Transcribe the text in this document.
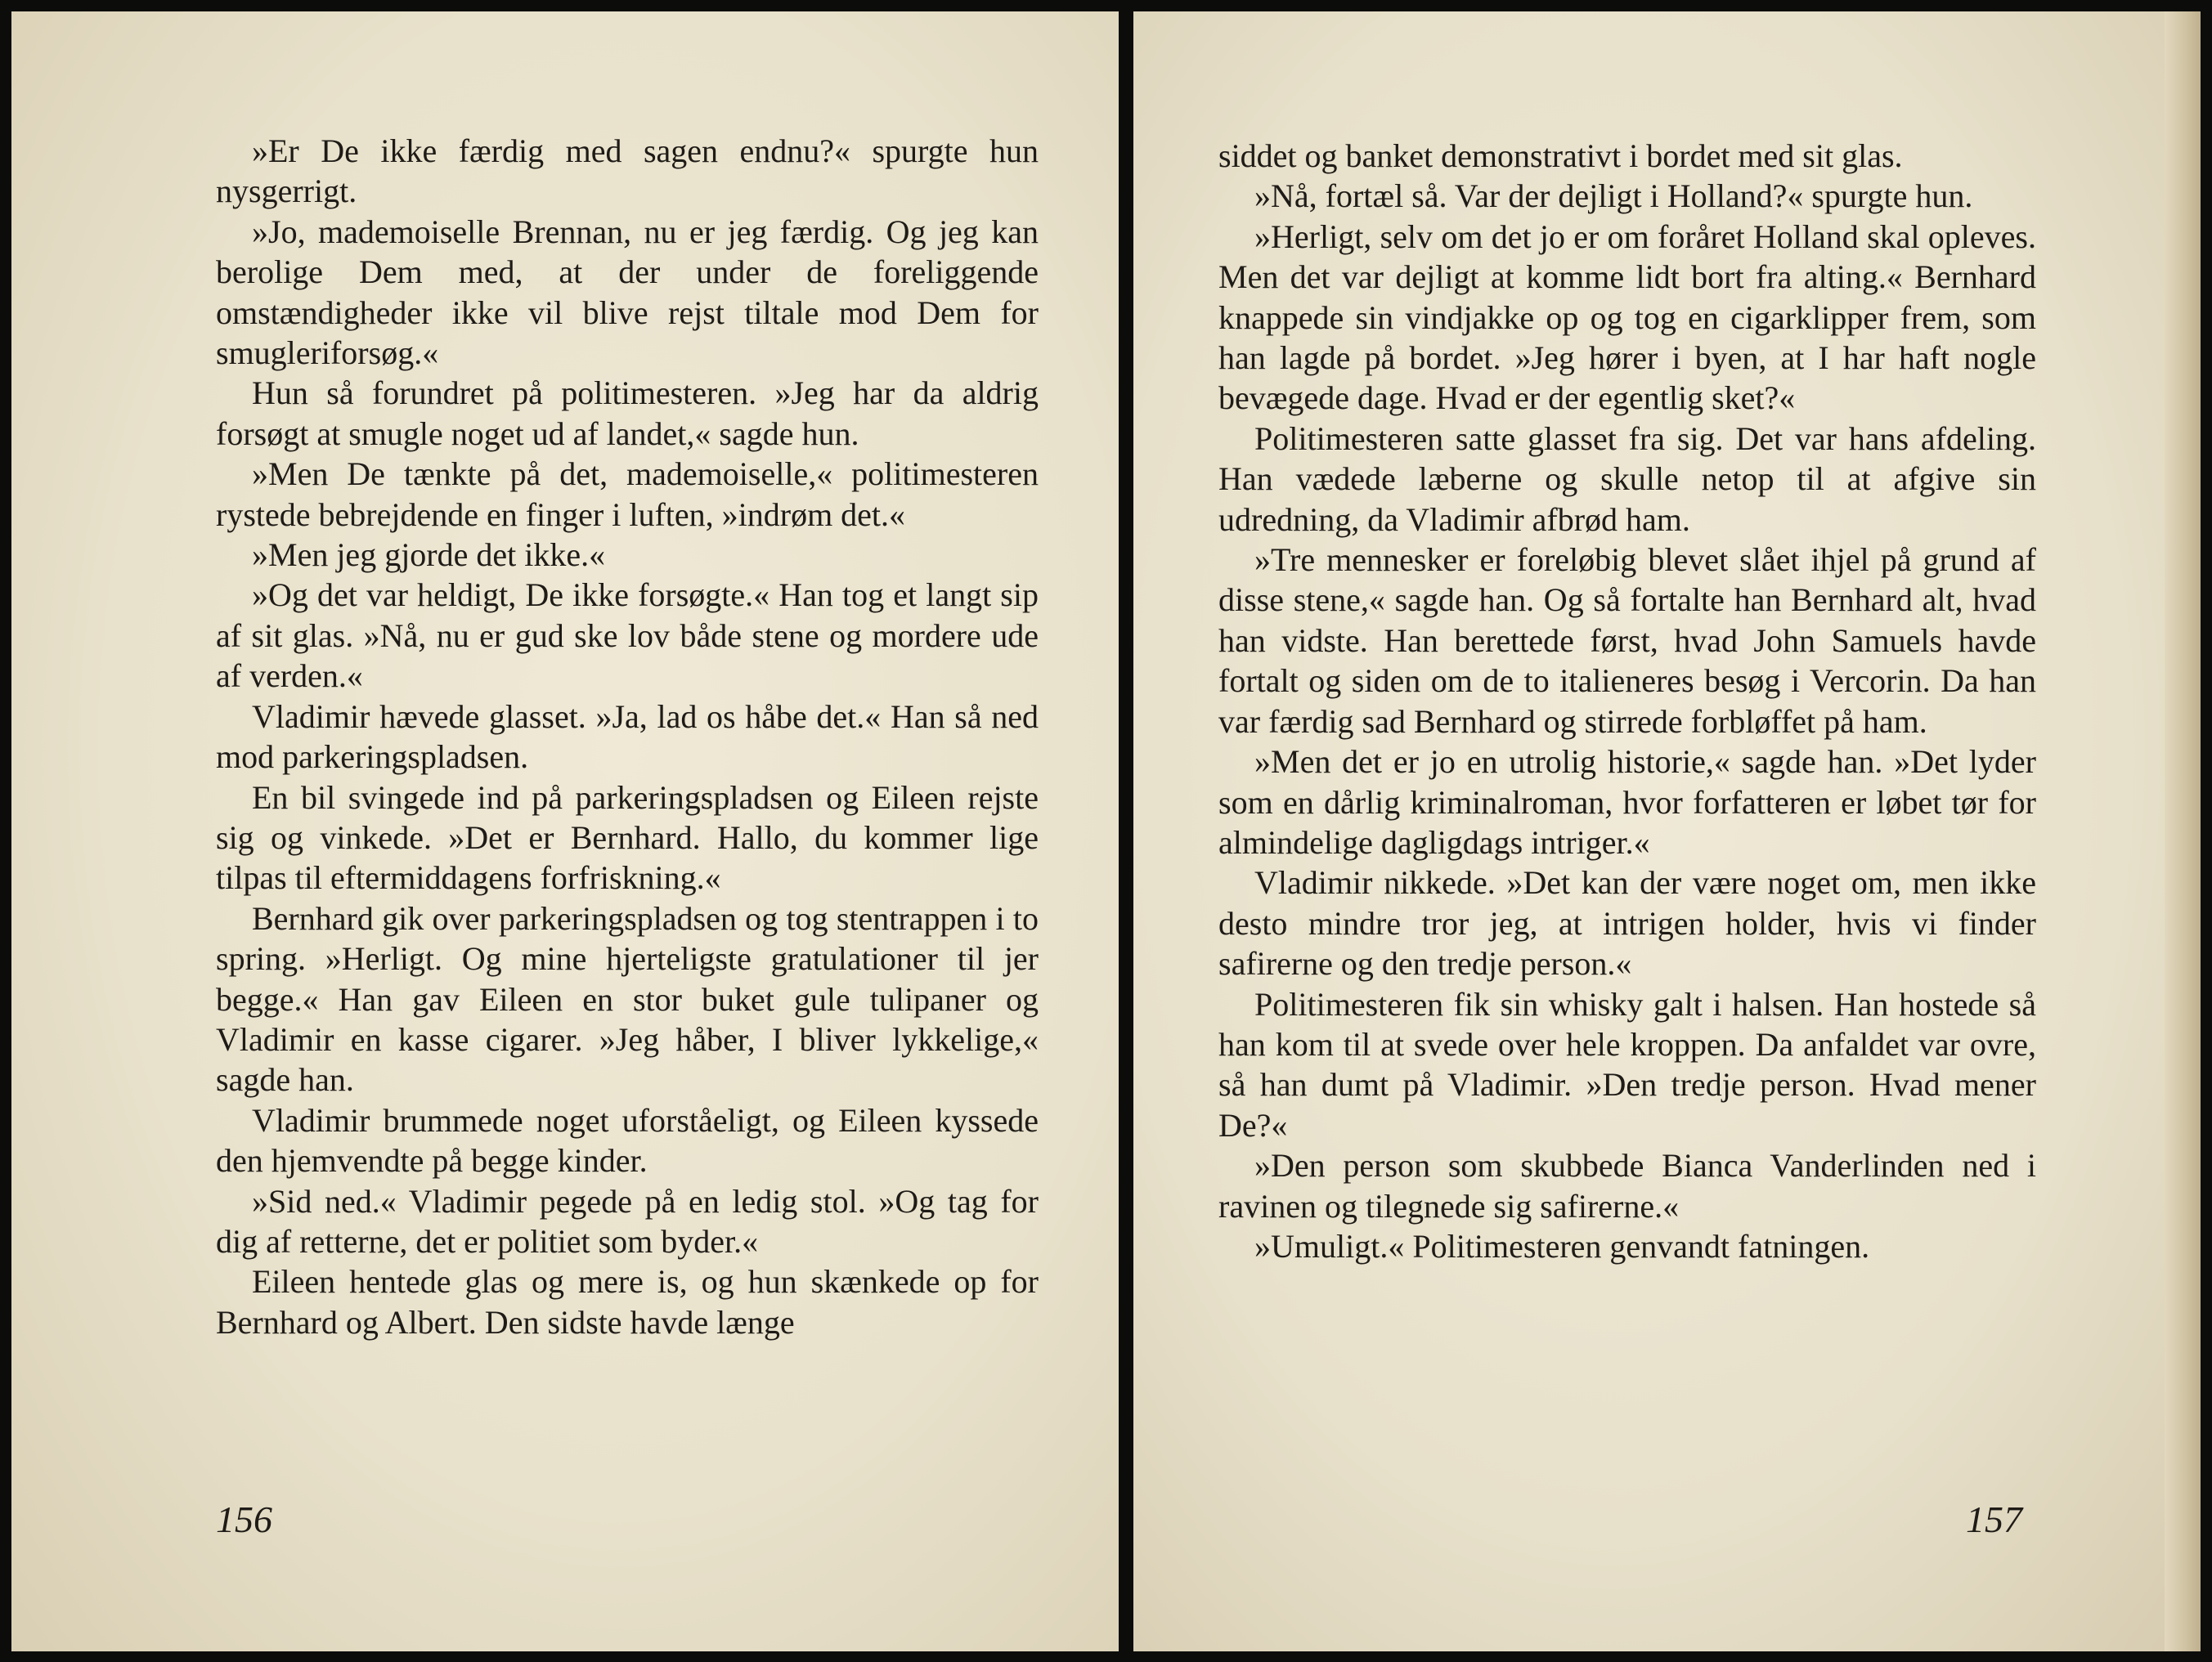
»Er De ikke færdig med sagen endnu?« spurgte hun nysgerrigt.

»Jo, mademoiselle Brennan, nu er jeg færdig. Og jeg kan berolige Dem med, at der under de foreliggende omstændigheder ikke vil blive rejst tiltale mod Dem for smugleriforsøg.«

Hun så forundret på politimesteren. »Jeg har da aldrig forsøgt at smugle noget ud af landet,« sagde hun.

»Men De tænkte på det, mademoiselle,« politimesteren rystede bebrejdende en finger i luften, »indrøm det.«

»Men jeg gjorde det ikke.«

»Og det var heldigt, De ikke forsøgte.« Han tog et langt sip af sit glas. »Nå, nu er gud ske lov både stene og mordere ude af verden.«

Vladimir hævede glasset. »Ja, lad os håbe det.« Han så ned mod parkeringspladsen.

En bil svingede ind på parkeringspladsen og Eileen rejste sig og vinkede. »Det er Bernhard. Hallo, du kommer lige tilpas til eftermiddagens forfriskning.«

Bernhard gik over parkeringspladsen og tog stentrappen i to spring. »Herligt. Og mine hjerteligste gratulationer til jer begge.« Han gav Eileen en stor buket gule tulipaner og Vladimir en kasse cigarer. »Jeg håber, I bliver lykkelige,« sagde han.

Vladimir brummede noget uforståeligt, og Eileen kyssede den hjemvendte på begge kinder.

»Sid ned.« Vladimir pegede på en ledig stol. »Og tag for dig af retterne, det er politiet som byder.«

Eileen hentede glas og mere is, og hun skænkede op for Bernhard og Albert. Den sidste havde længe

156

siddet og banket demonstrativt i bordet med sit glas.

»Nå, fortæl så. Var der dejligt i Holland?« spurgte hun.

»Herligt, selv om det jo er om foråret Holland skal opleves. Men det var dejligt at komme lidt bort fra alting.« Bernhard knappede sin vindjakke op og tog en cigarklipper frem, som han lagde på bordet. »Jeg hører i byen, at I har haft nogle bevægede dage. Hvad er der egentlig sket?«

Politimesteren satte glasset fra sig. Det var hans afdeling. Han vædede læberne og skulle netop til at afgive sin udredning, da Vladimir afbrød ham.

»Tre mennesker er foreløbig blevet slået ihjel på grund af disse stene,« sagde han. Og så fortalte han Bernhard alt, hvad han vidste. Han berettede først, hvad John Samuels havde fortalt og siden om de to italieneres besøg i Vercorin. Da han var færdig sad Bernhard og stirrede forbløffet på ham.

»Men det er jo en utrolig historie,« sagde han. »Det lyder som en dårlig kriminalroman, hvor forfatteren er løbet tør for almindelige dagligdags intriger.«

Vladimir nikkede. »Det kan der være noget om, men ikke desto mindre tror jeg, at intrigen holder, hvis vi finder safirerne og den tredje person.«

Politimesteren fik sin whisky galt i halsen. Han hostede så han kom til at svede over hele kroppen. Da anfaldet var ovre, så han dumt på Vladimir. »Den tredje person. Hvad mener De?«

»Den person som skubbede Bianca Vanderlinden ned i ravinen og tilegnede sig safirerne.«

»Umuligt.« Politimesteren genvandt fatningen.

157
